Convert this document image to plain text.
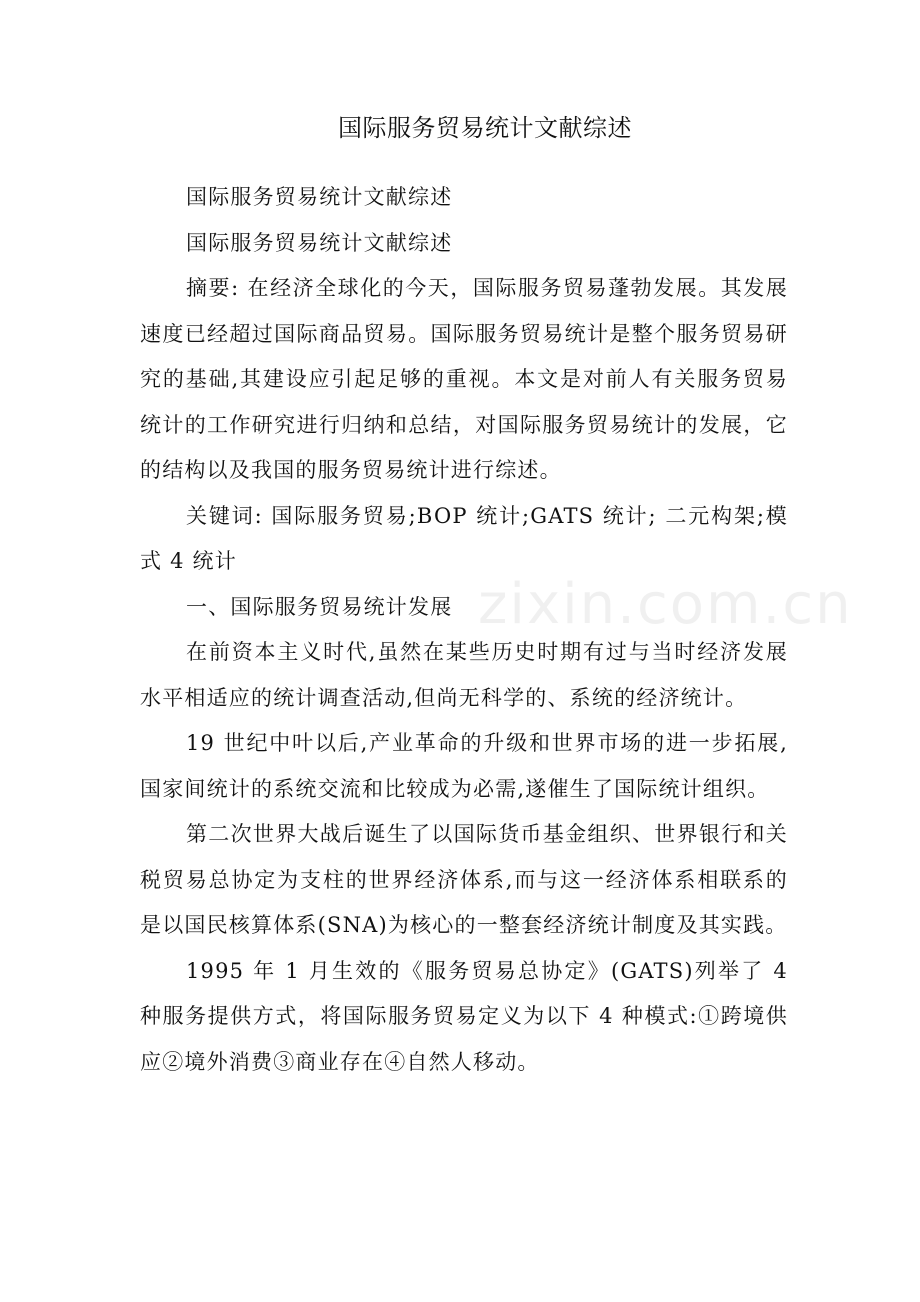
国际服务贸易统计文献综述

国际服务贸易统计文献综述

国际服务贸易统计文献综述

摘要: 在经济全球化的今天，国际服务贸易蓬勃发展。其发展速度已经超过国际商品贸易。国际服务贸易统计是整个服务贸易研究的基础,其建设应引起足够的重视。本文是对前人有关服务贸易统计的工作研究进行归纳和总结，对国际服务贸易统计的发展，它的结构以及我国的服务贸易统计进行综述。

关键词: 国际服务贸易;BOP 统计;GATS 统计; 二元构架;模式 4 统计

一、国际服务贸易统计发展

在前资本主义时代,虽然在某些历史时期有过与当时经济发展水平相适应的统计调查活动,但尚无科学的、系统的经济统计。

19 世纪中叶以后,产业革命的升级和世界市场的进一步拓展,国家间统计的系统交流和比较成为必需,遂催生了国际统计组织。

第二次世界大战后诞生了以国际货币基金组织、世界银行和关税贸易总协定为支柱的世界经济体系,而与这一经济体系相联系的是以国民核算体系(SNA)为核心的一整套经济统计制度及其实践。

1995 年 1 月生效的《服务贸易总协定》(GATS)列举了 4 种服务提供方式，将国际服务贸易定义为以下 4 种模式:①跨境供应②境外消费③商业存在④自然人移动。

zixin.com.cn
